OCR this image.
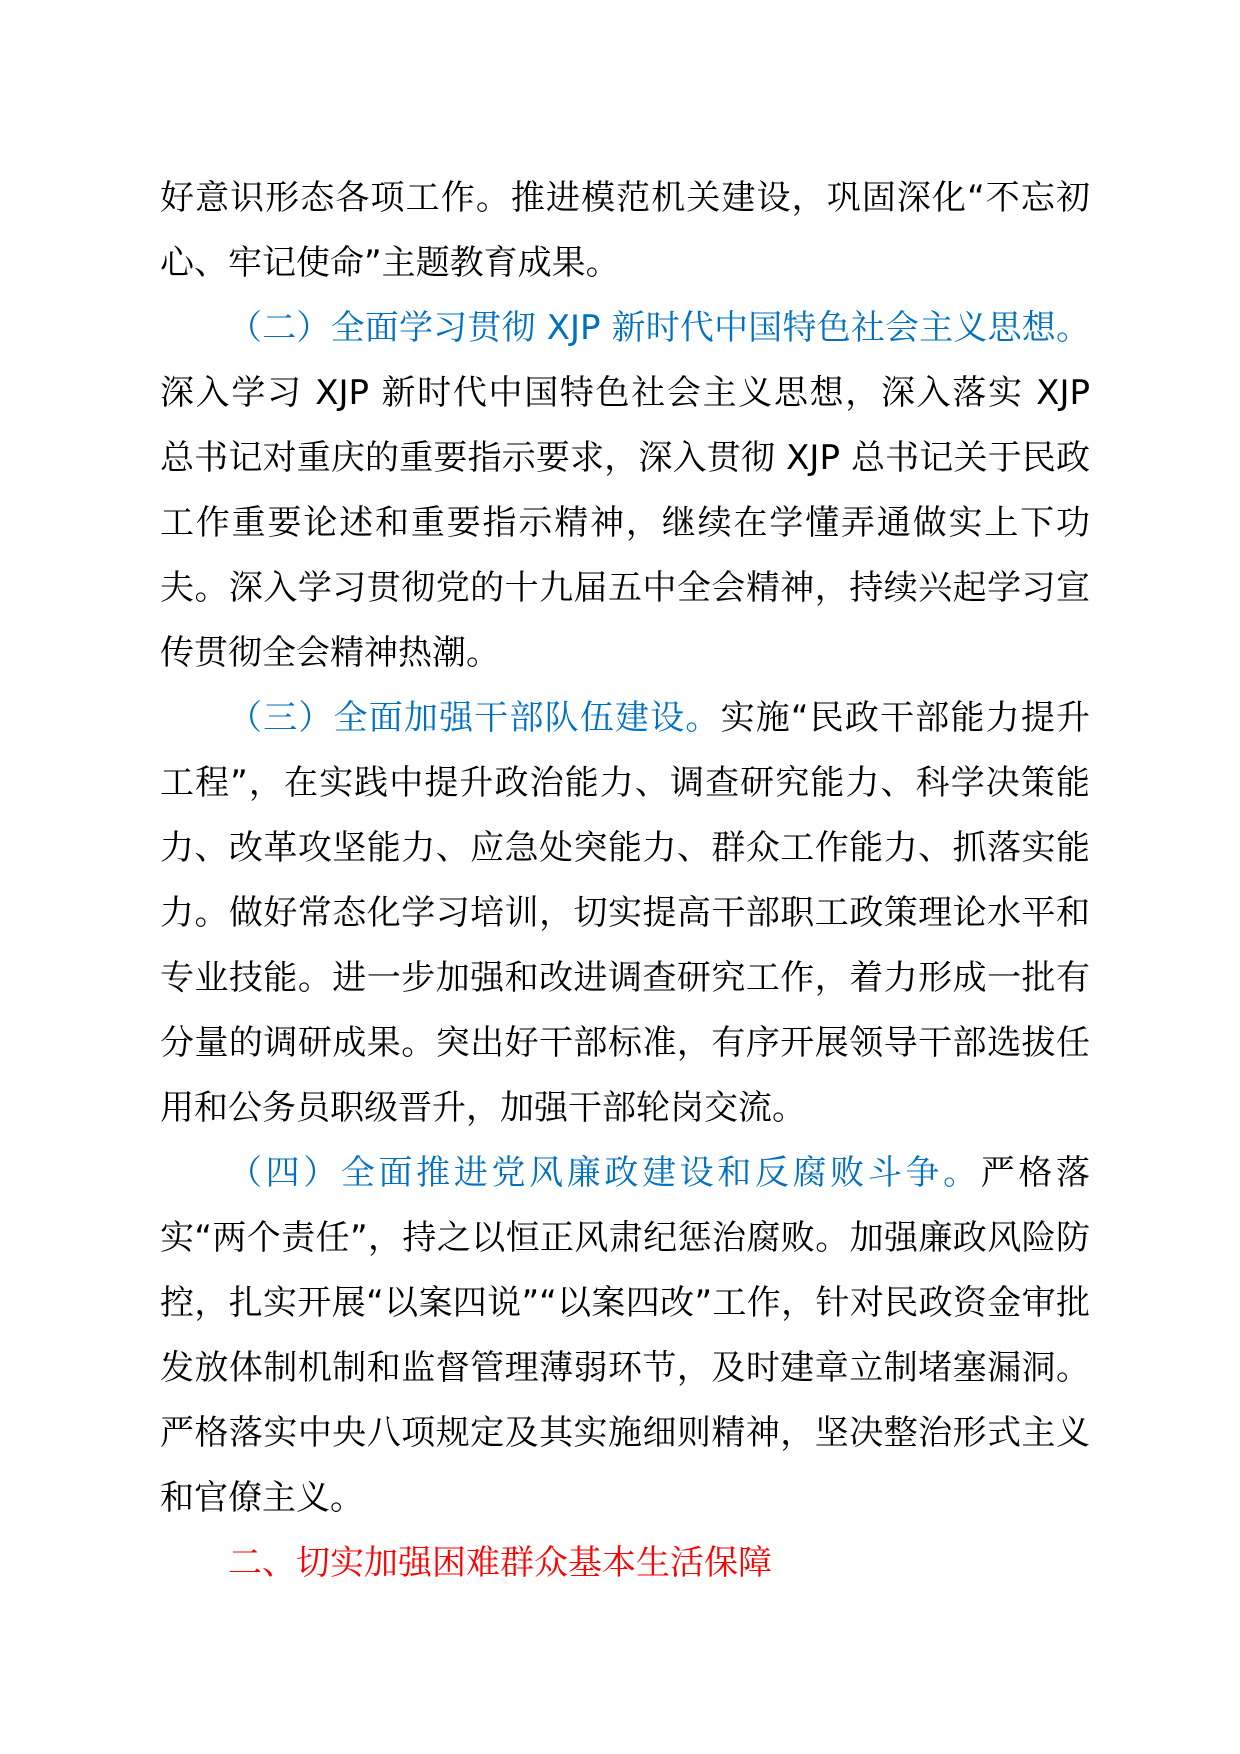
好意识形态各项工作。推进模范机关建设，巩固深化“不忘初心、牢记使命”主题教育成果。

（二）全面学习贯彻 XJP 新时代中国特色社会主义思想。深入学习 XJP 新时代中国特色社会主义思想，深入落实 XJP 总书记对重庆的重要指示要求，深入贯彻 XJP 总书记关于民政工作重要论述和重要指示精神，继续在学懂弄通做实上下功夫。深入学习贯彻党的十九届五中全会精神，持续兴起学习宣传贯彻全会精神热潮。

（三）全面加强干部队伍建设。实施“民政干部能力提升工程”，在实践中提升政治能力、调查研究能力、科学决策能力、改革攻坚能力、应急处突能力、群众工作能力、抓落实能力。做好常态化学习培训，切实提高干部职工政策理论水平和专业技能。进一步加强和改进调查研究工作，着力形成一批有分量的调研成果。突出好干部标准，有序开展领导干部选拔任用和公务员职级晋升，加强干部轮岗交流。

（四）全面推进党风廉政建设和反腐败斗争。严格落实“两个责任”，持之以恒正风肃纪惩治腐败。加强廉政风险防控，扎实开展“以案四说”“以案四改”工作，针对民政资金审批发放体制机制和监督管理薄弱环节，及时建章立制堵塞漏洞。严格落实中央八项规定及其实施细则精神，坚决整治形式主义和官僚主义。

二、切实加强困难群众基本生活保障
